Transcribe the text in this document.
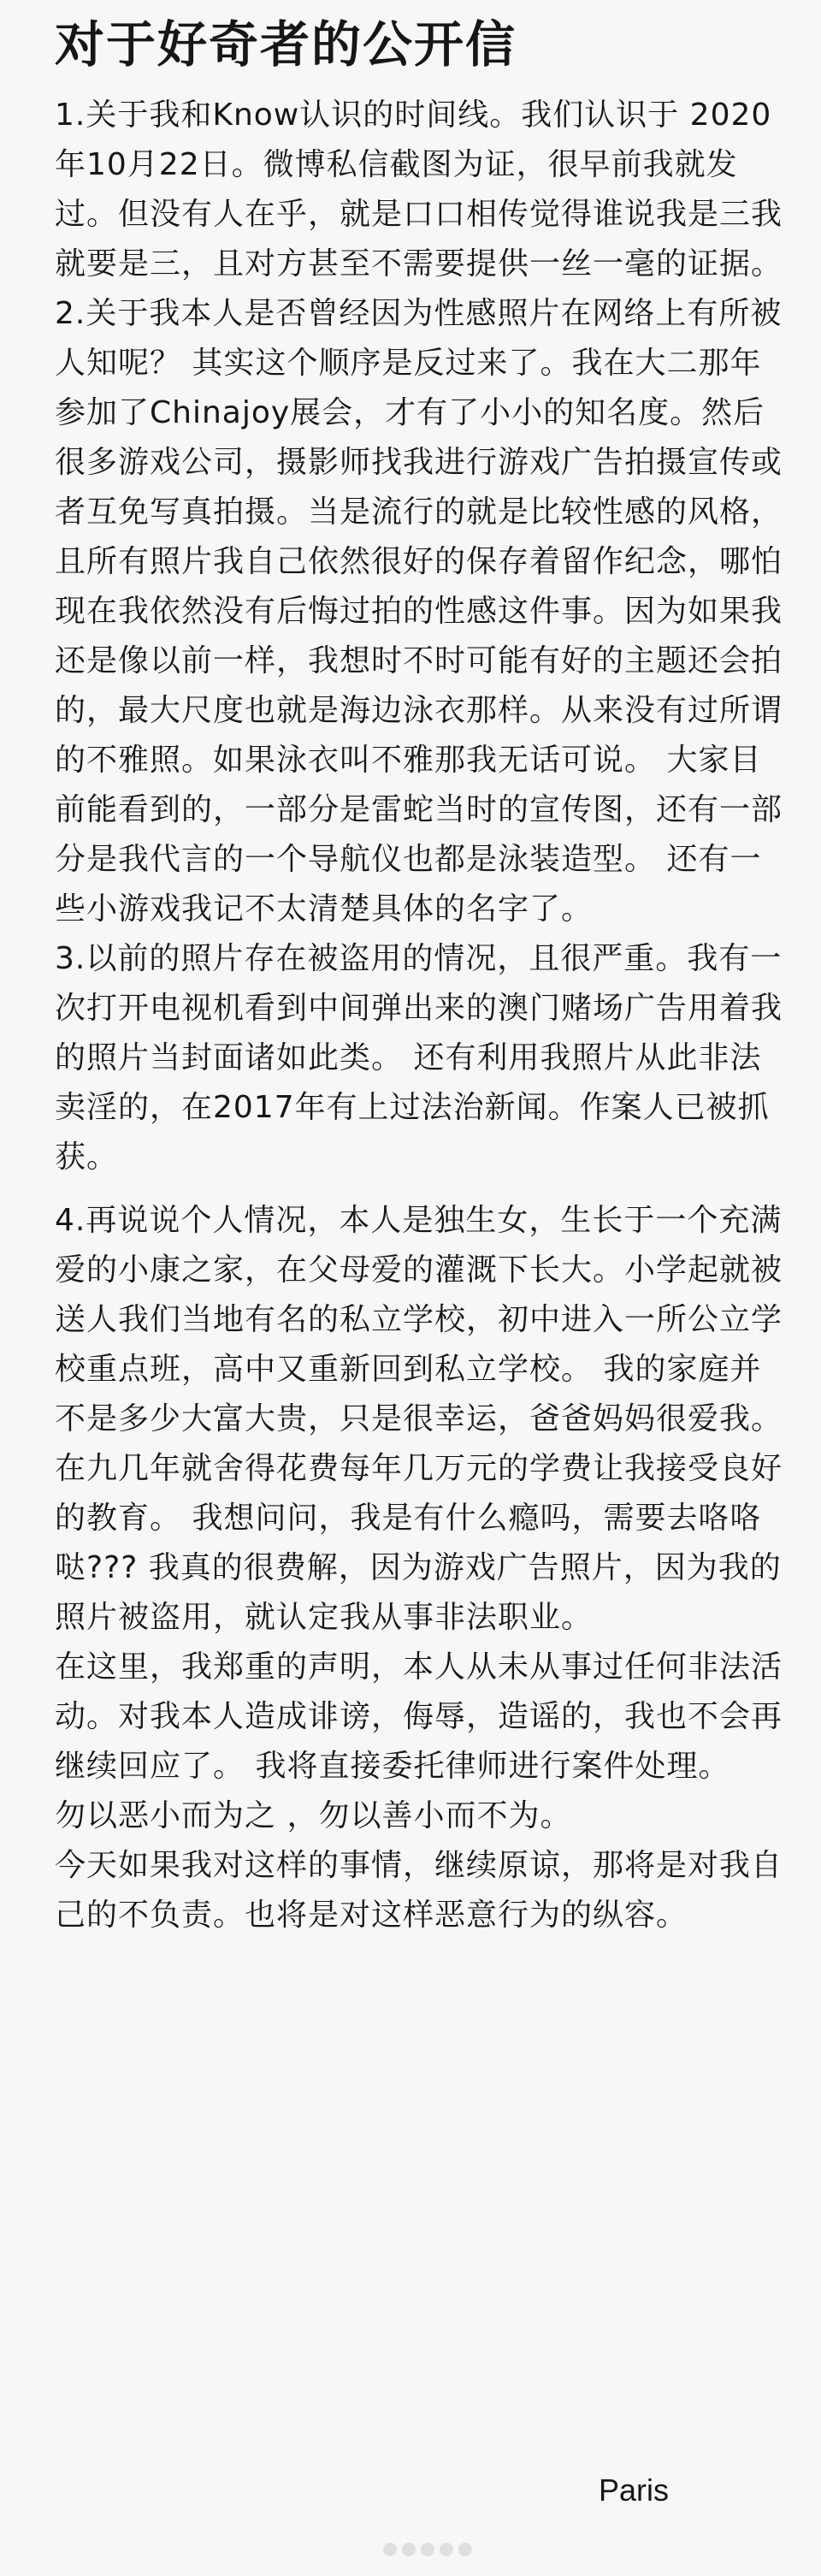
对于好奇者的公开信

1.关于我和Know认识的时间线。我们认识于 2020年10月22日。微博私信截图为证，很早前我就发过。但没有人在乎，就是口口相传觉得谁说我是三我就要是三，且对方甚至不需要提供一丝一毫的证据。

2.关于我本人是否曾经因为性感照片在网络上有所被人知呢？ 其实这个顺序是反过来了。我在大二那年参加了Chinajoy展会，才有了小小的知名度。然后很多游戏公司，摄影师找我进行游戏广告拍摄宣传或者互免写真拍摄。当是流行的就是比较性感的风格，且所有照片我自己依然很好的保存着留作纪念，哪怕现在我依然没有后悔过拍的性感这件事。因为如果我还是像以前一样，我想时不时可能有好的主题还会拍的，最大尺度也就是海边泳衣那样。从来没有过所谓的不雅照。如果泳衣叫不雅那我无话可说。 大家目前能看到的，一部分是雷蛇当时的宣传图，还有一部分是我代言的一个导航仪也都是泳装造型。 还有一些小游戏我记不太清楚具体的名字了。

3.以前的照片存在被盗用的情况，且很严重。我有一次打开电视机看到中间弹出来的澳门赌场广告用着我的照片当封面诸如此类。 还有利用我照片从此非法卖淫的，在2017年有上过法治新闻。作案人已被抓获。

4.再说说个人情况，本人是独生女，生长于一个充满爱的小康之家，在父母爱的灌溉下长大。小学起就被送人我们当地有名的私立学校，初中进入一所公立学校重点班，高中又重新回到私立学校。 我的家庭并不是多少大富大贵，只是很幸运，爸爸妈妈很爱我。在九几年就舍得花费每年几万元的学费让我接受良好的教育。 我想问问，我是有什么瘾吗，需要去咯咯哒??? 我真的很费解，因为游戏广告照片，因为我的照片被盗用，就认定我从事非法职业。

在这里，我郑重的声明，本人从未从事过任何非法活动。对我本人造成诽谤，侮辱，造谣的，我也不会再继续回应了。 我将直接委托律师进行案件处理。

勿以恶小而为之 ，勿以善小而不为。

今天如果我对这样的事情，继续原谅，那将是对我自己的不负责。也将是对这样恶意行为的纵容。

Paris
